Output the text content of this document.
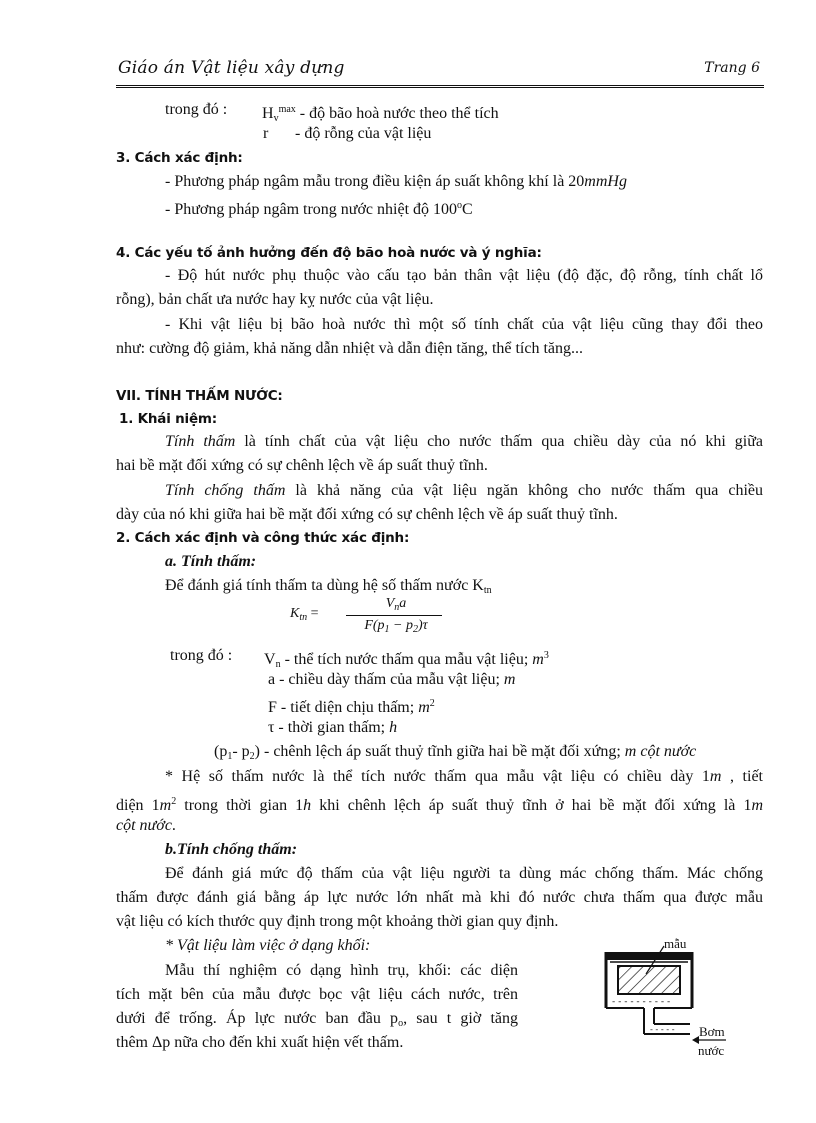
Giáo án Vật liệu xây dựng	Trang 6
trong đó : $H_v^{max}$ - độ bão hoà nước theo thể tích
r - độ rỗng của vật liệu
3. Cách xác định:
- Phương pháp ngâm mẫu trong điều kiện áp suất không khí là 20mmHg
- Phương pháp ngâm trong nước nhiệt độ 100$^o$C
4. Các yếu tố ảnh hưởng đến độ bão hoà nước và ý nghĩa:
- Độ hút nước phụ thuộc vào cấu tạo bản thân vật liệu (độ đặc, độ rỗng, tính chất lổ
rỗng), bản chất ưa nước hay kỵ nước của vật liệu.
- Khi vật liệu bị bão hoà nước thì một số tính chất của vật liệu cũng thay đổi theo
như: cường độ giảm, khả năng dẫn nhiệt và dẫn điện tăng, thể tích tăng...
VII. TÍNH THẤM NƯỚC:
1. Khái niệm:
Tính thấm là tính chất của vật liệu cho nước thấm qua chiều dày của nó khi giữa
hai bề mặt đối xứng có sự chênh lệch về áp suất thuỷ tĩnh.
Tính chống thấm là khả năng của vật liệu ngăn không cho nước thấm qua chiều
dày của nó khi giữa hai bề mặt đối xứng có sự chênh lệch về áp suất thuỷ tĩnh.
2. Cách xác định và công thức xác định:
a. Tính thấm:
Để đánh giá tính thấm ta dùng hệ số thấm nước $K_{tn}$
$K_{tn}$ =
$V_na$
$F(p_1 - p_2)\tau$
trong đó : $V_n$ - thể tích nước thấm qua mẫu vật liệu; $m^3$
a - chiều dày thấm của mẫu vật liệu; m
F - tiết diện chịu thấm; $m^2$
τ - thời gian thấm; h
($p_1-$ $p_2$) - chênh lệch áp suất thuỷ tĩnh giữa hai bề mặt đối xứng; m cột nước
* Hệ số thấm nước là thể tích nước thấm qua mẫu vật liệu có chiều dày 1m , tiết
diện $1m^2$ trong thời gian 1h khi chênh lệch áp suất thuỷ tĩnh ở hai bề mặt đối xứng là 1m
cột nước.
b.Tính chống thấm:
Để đánh giá mức độ thấm của vật liệu người ta dùng mác chống thấm. Mác chống
thấm được đánh giá bằng áp lực nước lớn nhất mà khi đó nước chưa thấm qua được mẫu
vật liệu có kích thước quy định trong một khoảng thời gian quy định.
* Vật liệu làm việc ở dạng khối:
Mẫu thí nghiệm có dạng hình trụ, khối: các diện
tích mặt bên của mẫu được bọc vật liệu cách nước, trên
dưới để trống. Áp lực nước ban đầu $p_o$, sau t giờ tăng
thêm Δp nữa cho đến khi xuất hiện vết thấm.
- - - - - - - - - -
- - - - -
mẫu
Bơm
nước
